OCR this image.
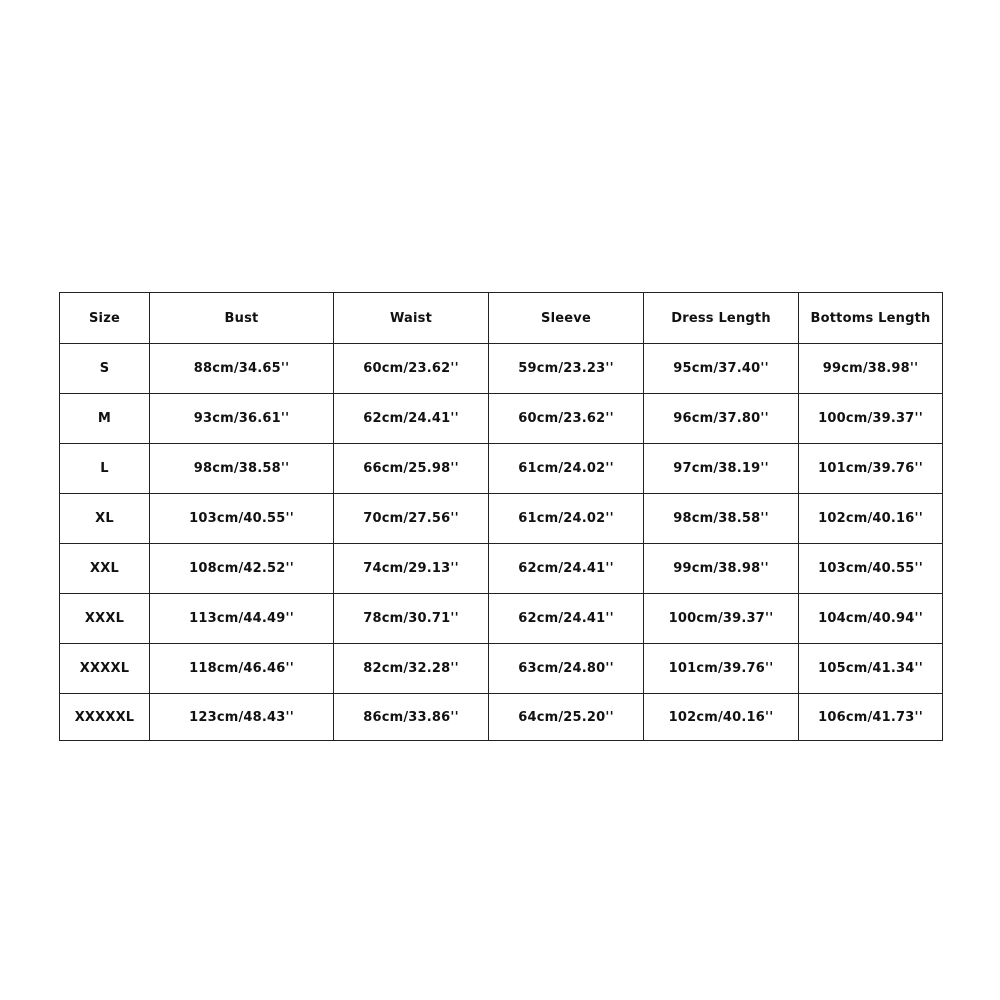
Size	Bust	Waist	Sleeve	Dress Length	Bottoms Length
S	88cm/34.65''	60cm/23.62''	59cm/23.23''	95cm/37.40''	99cm/38.98''
M	93cm/36.61''	62cm/24.41''	60cm/23.62''	96cm/37.80''	100cm/39.37''
L	98cm/38.58''	66cm/25.98''	61cm/24.02''	97cm/38.19''	101cm/39.76''
XL	103cm/40.55''	70cm/27.56''	61cm/24.02''	98cm/38.58''	102cm/40.16''
XXL	108cm/42.52''	74cm/29.13''	62cm/24.41''	99cm/38.98''	103cm/40.55''
XXXL	113cm/44.49''	78cm/30.71''	62cm/24.41''	100cm/39.37''	104cm/40.94''
XXXXL	118cm/46.46''	82cm/32.28''	63cm/24.80''	101cm/39.76''	105cm/41.34''
XXXXXL	123cm/48.43''	86cm/33.86''	64cm/25.20''	102cm/40.16''	106cm/41.73''
